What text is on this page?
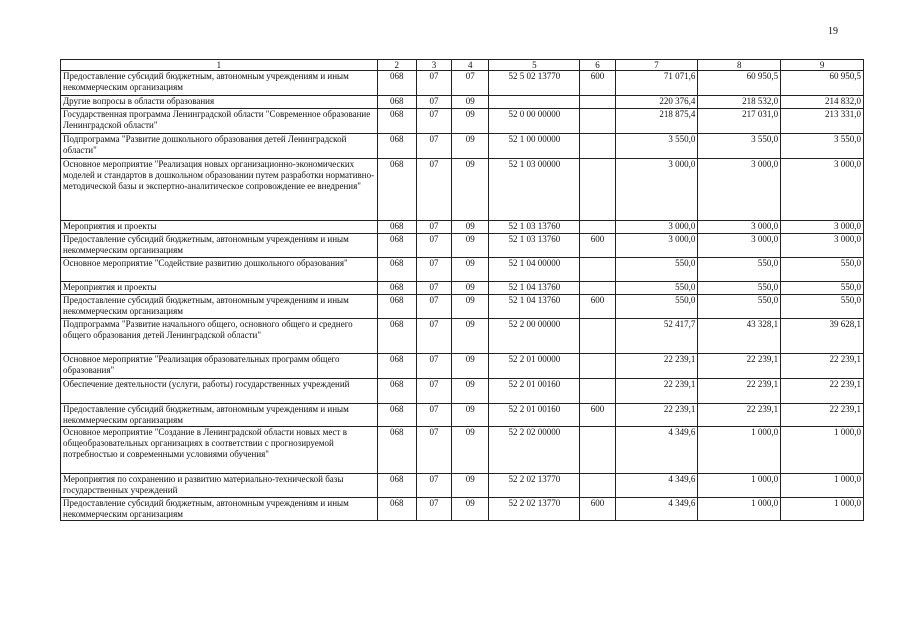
19
1	2	3	4	5	6	7	8	9
Предоставление субсидий бюджетным, автономным учреждениям и иным некоммерческим организациям	068	07	07	52 5 02 13770	600	71 071,6	60 950,5	60 950,5
Другие вопросы в области образования	068	07	09			220 376,4	218 532,0	214 832,0
Государственная программа Ленинградской области "Современное образование Ленинградской области"	068	07	09	52 0 00 00000		218 875,4	217 031,0	213 331,0
Подпрограмма "Развитие дошкольного образования детей Ленинградской области"	068	07	09	52 1 00 00000		3 550,0	3 550,0	3 550,0
Основное мероприятие "Реализация новых организационно-экономических моделей и стандартов в дошкольном образовании путем разработки нормативно-методической базы и экспертно-аналитическое сопровождение ее внедрения"	068	07	09	52 1 03 00000		3 000,0	3 000,0	3 000,0
Мероприятия и проекты	068	07	09	52 1 03 13760		3 000,0	3 000,0	3 000,0
Предоставление субсидий бюджетным, автономным учреждениям и иным некоммерческим организациям	068	07	09	52 1 03 13760	600	3 000,0	3 000,0	3 000,0
Основное мероприятие "Содействие развитию дошкольного образования"	068	07	09	52 1 04 00000		550,0	550,0	550,0
Мероприятия и проекты	068	07	09	52 1 04 13760		550,0	550,0	550,0
Предоставление субсидий бюджетным, автономным учреждениям и иным некоммерческим организациям	068	07	09	52 1 04 13760	600	550,0	550,0	550,0
Подпрограмма "Развитие начального общего, основного общего и среднего общего образования детей Ленинградской области"	068	07	09	52 2 00 00000		52 417,7	43 328,1	39 628,1
Основное мероприятие "Реализация образовательных программ общего образования"	068	07	09	52 2 01 00000		22 239,1	22 239,1	22 239,1
Обеспечение деятельности (услуги, работы) государственных учреждений	068	07	09	52 2 01 00160		22 239,1	22 239,1	22 239,1
Предоставление субсидий бюджетным, автономным учреждениям и иным некоммерческим организациям	068	07	09	52 2 01 00160	600	22 239,1	22 239,1	22 239,1
Основное мероприятие "Создание в Ленинградской области новых мест в общеобразовательных организациях в соответствии с прогнозируемой потребностью и современными условиями обучения"	068	07	09	52 2 02 00000		4 349,6	1 000,0	1 000,0
Мероприятия по сохранению и развитию материально-технической базы государственных учреждений	068	07	09	52 2 02 13770		4 349,6	1 000,0	1 000,0
Предоставление субсидий бюджетным, автономным учреждениям и иным некоммерческим организациям	068	07	09	52 2 02 13770	600	4 349,6	1 000,0	1 000,0
